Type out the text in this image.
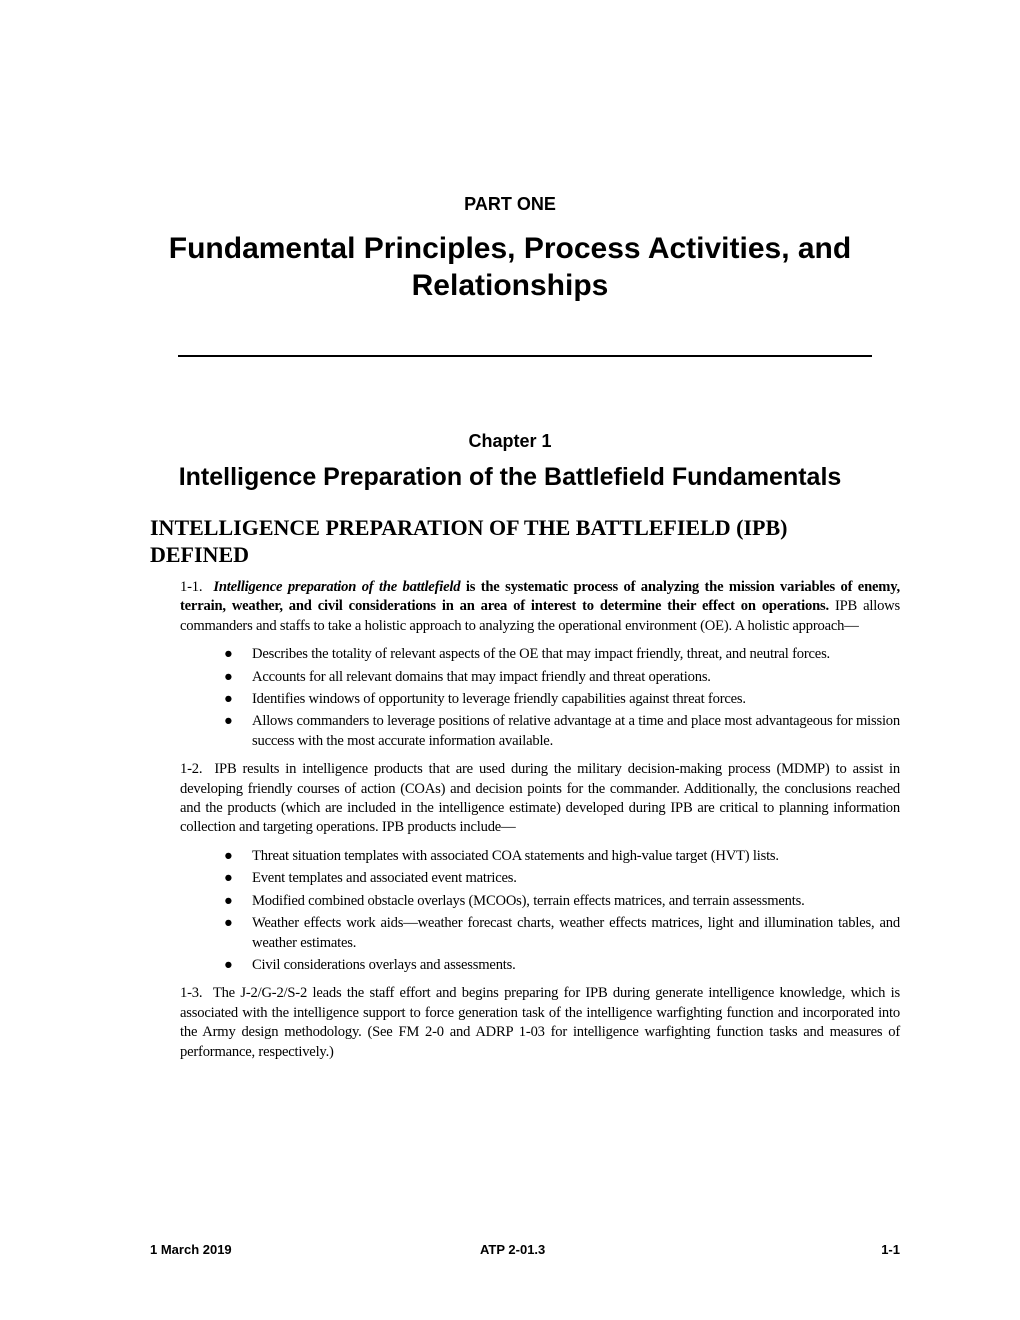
PART ONE
Fundamental Principles, Process Activities, and Relationships
Chapter 1
Intelligence Preparation of the Battlefield Fundamentals
INTELLIGENCE PREPARATION OF THE BATTLEFIELD (IPB) DEFINED

1-1. Intelligence preparation of the battlefield is the systematic process of analyzing the mission variables of enemy, terrain, weather, and civil considerations in an area of interest to determine their effect on operations. IPB allows commanders and staffs to take a holistic approach to analyzing the operational environment (OE). A holistic approach—

● Describes the totality of relevant aspects of the OE that may impact friendly, threat, and neutral forces.
● Accounts for all relevant domains that may impact friendly and threat operations.
● Identifies windows of opportunity to leverage friendly capabilities against threat forces.
● Allows commanders to leverage positions of relative advantage at a time and place most advantageous for mission success with the most accurate information available.

1-2. IPB results in intelligence products that are used during the military decision-making process (MDMP) to assist in developing friendly courses of action (COAs) and decision points for the commander. Additionally, the conclusions reached and the products (which are included in the intelligence estimate) developed during IPB are critical to planning information collection and targeting operations. IPB products include—

● Threat situation templates with associated COA statements and high-value target (HVT) lists.
● Event templates and associated event matrices.
● Modified combined obstacle overlays (MCOOs), terrain effects matrices, and terrain assessments.
● Weather effects work aids—weather forecast charts, weather effects matrices, light and illumination tables, and weather estimates.
● Civil considerations overlays and assessments.

1-3. The J-2/G-2/S-2 leads the staff effort and begins preparing for IPB during generate intelligence knowledge, which is associated with the intelligence support to force generation task of the intelligence warfighting function and incorporated into the Army design methodology. (See FM 2-0 and ADRP 1-03 for intelligence warfighting function tasks and measures of performance, respectively.)

1 March 2019	ATP 2-01.3	1-1
